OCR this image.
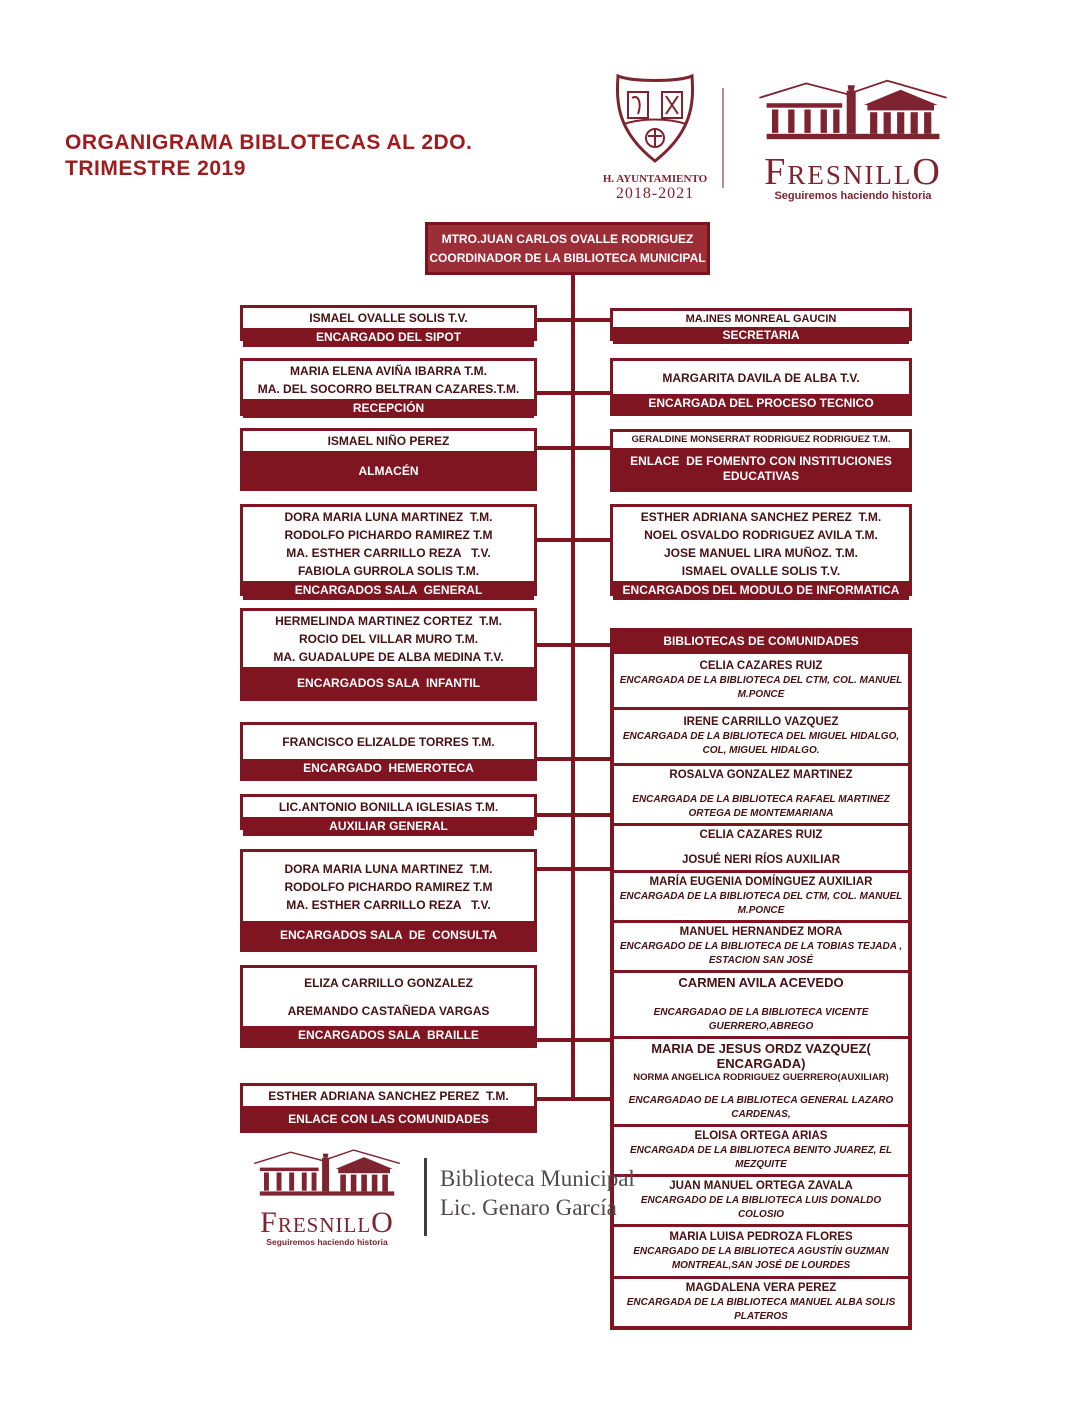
ORGANIGRAMA BIBLOTECAS AL 2DO.
TRIMESTRE 2019	H. AYUNTAMIENTO
2018-2021
FresnillO
Seguiremos haciendo historia
MTRO.JUAN CARLOS OVALLE RODRIGUEZ
COORDINADOR DE LA BIBLIOTECA MUNICIPAL
ISMAEL OVALLE SOLIS T.V.
ENCARGADO DEL SIPOT
MARIA ELENA AVIÑA IBARRA T.M.
MA. DEL SOCORRO BELTRAN CAZARES.T.M.
RECEPCIÓN
ISMAEL NIÑO PEREZ
ALMACÉN
DORA MARIA LUNA MARTINEZ  T.M.
RODOLFO PICHARDO RAMIREZ T.M
MA. ESTHER CARRILLO REZA   T.V.
FABIOLA GURROLA SOLIS T.M.
ENCARGADOS SALA  GENERAL
HERMELINDA MARTINEZ CORTEZ  T.M.
ROCIO DEL VILLAR MURO T.M.
MA. GUADALUPE DE ALBA MEDINA T.V.
ENCARGADOS SALA  INFANTIL
FRANCISCO ELIZALDE TORRES T.M.
ENCARGADO  HEMEROTECA
LIC.ANTONIO BONILLA IGLESIAS T.M.
AUXILIAR GENERAL
DORA MARIA LUNA MARTINEZ  T.M.
RODOLFO PICHARDO RAMIREZ T.M
MA. ESTHER CARRILLO REZA   T.V.
ENCARGADOS SALA  DE  CONSULTA
ELIZA CARRILLO GONZALEZ
AREMANDO CASTAÑEDA VARGAS
ENCARGADOS SALA  BRAILLE
ESTHER ADRIANA SANCHEZ PEREZ  T.M.
ENLACE CON LAS COMUNIDADES
MA.INES MONREAL GAUCIN
SECRETARIA
MARGARITA DAVILA DE ALBA T.V.
ENCARGADA DEL PROCESO TECNICO
GERALDINE MONSERRAT RODRIGUEZ RODRIGUEZ T.M.
ENLACE  DE FOMENTO CON INSTITUCIONES EDUCATIVAS
ESTHER ADRIANA SANCHEZ PEREZ  T.M.
NOEL OSVALDO RODRIGUEZ AVILA T.M.
JOSE MANUEL LIRA MUÑOZ. T.M.
ISMAEL OVALLE SOLIS T.V.
ENCARGADOS DEL MODULO DE INFORMATICA
BIBLIOTECAS DE COMUNIDADES
CELIA CAZARES RUIZ
ENCARGADA DE LA BIBLIOTECA DEL CTM, COL. MANUEL M.PONCE
IRENE CARRILLO VAZQUEZ
ENCARGADA DE LA BIBLIOTECA DEL MIGUEL HIDALGO, COL, MIGUEL HIDALGO.
ROSALVA GONZALEZ MARTINEZ
ENCARGADA DE LA BIBLIOTECA RAFAEL MARTINEZ ORTEGA DE MONTEMARIANA
CELIA CAZARES RUIZ
JOSUÉ NERI RÍOS AUXILIAR
MARÍA EUGENIA DOMÍNGUEZ AUXILIAR
ENCARGADA DE LA BIBLIOTECA DEL CTM, COL. MANUEL M.PONCE
MANUEL HERNANDEZ MORA
ENCARGADO DE LA BIBLIOTECA DE LA TOBIAS TEJADA , ESTACION SAN JOSÉ
CARMEN AVILA ACEVEDO
ENCARGADAO DE LA BIBLIOTECA VICENTE GUERRERO,ABREGO
MARIA DE JESUS ORDZ VAZQUEZ( ENCARGADA)
NORMA ANGELICA RODRIGUEZ GUERRERO(AUXILIAR)
ENCARGADAO DE LA BIBLIOTECA GENERAL LAZARO CARDENAS,
ELOISA ORTEGA ARIAS
ENCARGADA DE LA BIBLIOTECA BENITO JUAREZ, EL MEZQUITE
JUAN MANUEL ORTEGA ZAVALA
ENCARGADO DE LA BIBLIOTECA LUIS DONALDO COLOSIO
MARIA LUISA PEDROZA FLORES
ENCARGADO DE LA BIBLIOTECA AGUSTÍN GUZMAN MONTREAL,SAN JOSÉ DE LOURDES
MAGDALENA VERA PEREZ
ENCARGADA DE LA BIBLIOTECA MANUEL ALBA SOLIS PLATEROS
FresnillO
Seguiremos haciendo historia
Biblioteca Municipal
Lic. Genaro García
